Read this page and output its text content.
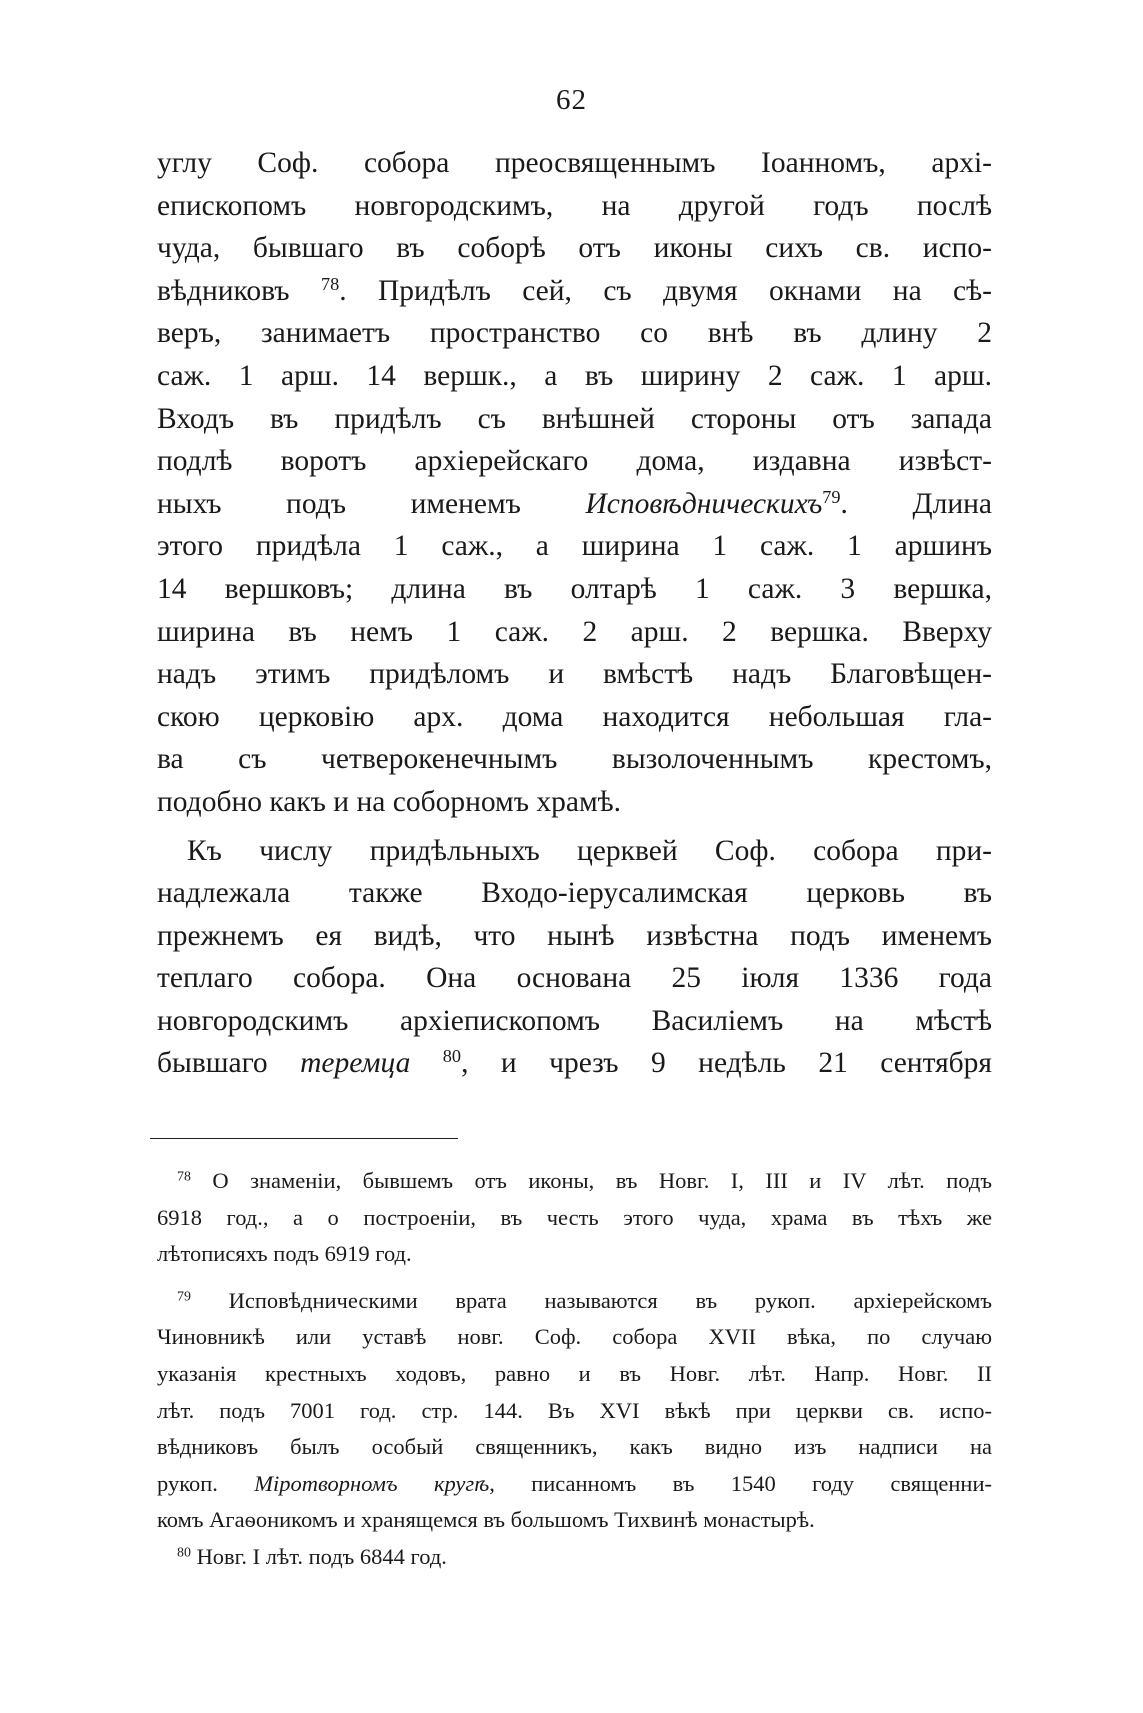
62
углу Соф. собора преосвященнымъ Іоанномъ, архі-
епископомъ новгородскимъ, на другой годъ послѣ
чуда, бывшаго въ соборѣ отъ иконы сихъ св. испо-
вѣдниковъ $^{78}$. Придѣлъ сей, съ двумя окнами на сѣ-
веръ, занимаетъ пространство со внѣ въ длину 2
саж. 1 арш. 14 вершк., а въ ширину 2 саж. 1 арш.
Входъ въ придѣлъ съ внѣшней стороны отъ запада
подлѣ воротъ архіерейскаго дома, издавна извѣст-
ныхъ подъ именемъ Исповѣдническихъ$^{79}$. Длина
этого придѣла 1 саж., а ширина 1 саж. 1 аршинъ
14 вершковъ; длина въ олтарѣ 1 саж. 3 вершка,
ширина въ немъ 1 саж. 2 арш. 2 вершка. Вверху
надъ этимъ придѣломъ и вмѣстѣ надъ Благовѣщен-
скою церковію арх. дома находится небольшая гла-
ва съ четверокенечнымъ вызолоченнымъ крестомъ,
подобно какъ и на соборномъ храмѣ.
Къ числу придѣльныхъ церквей Соф. собора при-
надлежала также Входо-іерусалимская церковь въ
прежнемъ ея видѣ, что нынѣ извѣстна подъ именемъ
теплаго собора. Она основана 25 іюля 1336 года
новгородскимъ архіепископомъ Василіемъ на мѣстѣ
бывшаго теремца $^{80}$, и чрезъ 9 недѣль 21 сентября
$^{78}$ О знаменіи, бывшемъ отъ иконы, въ Новг. I, III и IV лѣт. подъ
6918 год., а о построеніи, въ честь этого чуда, храма въ тѣхъ же
лѣтописяхъ подъ 6919 год.
$^{79}$ Исповѣдническими врата называются въ рукоп. архіерейскомъ
Чиновникѣ или уставѣ новг. Соф. собора XVII вѣка, по случаю
указанія крестныхъ ходовъ, равно и въ Новг. лѣт. Напр. Новг. II
лѣт. подъ 7001 год. стр. 144. Въ XVI вѣкѣ при церкви св. испо-
вѣдниковъ былъ особый священникъ, какъ видно изъ надписи на
рукоп. Міротворномъ кругѣ, писанномъ въ 1540 году священни-
комъ Агаѳоникомъ и хранящемся въ большомъ Тихвинѣ монастырѣ.
$^{80}$ Новг. I лѣт. подъ 6844 год.
